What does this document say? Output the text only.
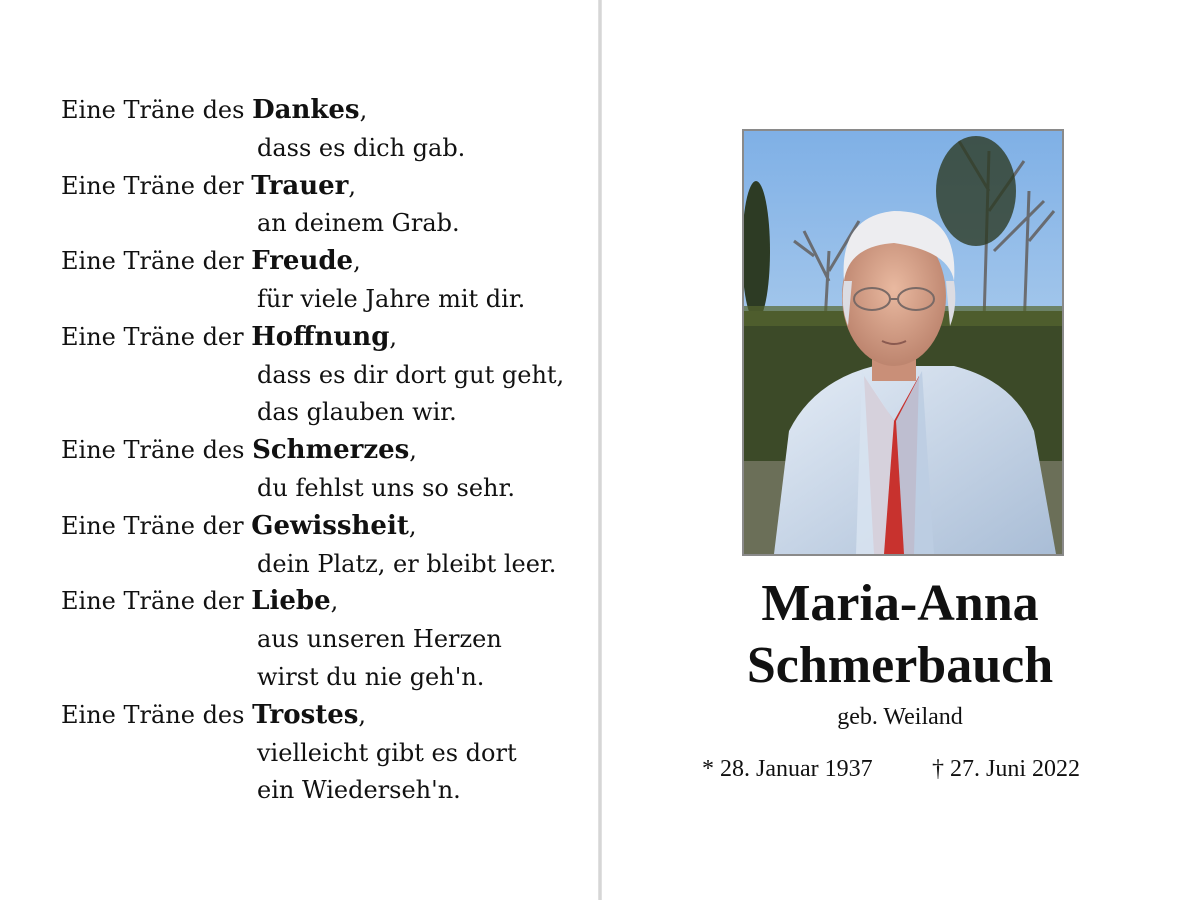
Eine Träne des Dankes,
dass es dich gab.
Eine Träne der Trauer,
an deinem Grab.
Eine Träne der Freude,
für viele Jahre mit dir.
Eine Träne der Hoffnung,
dass es dir dort gut geht,
das glauben wir.
Eine Träne des Schmerzes,
du fehlst uns so sehr.
Eine Träne der Gewissheit,
dein Platz, er bleibt leer.
Eine Träne der Liebe,
aus unseren Herzen
wirst du nie geh'n.
Eine Träne des Trostes,
vielleicht gibt es dort
ein Wiederseh'n.
Maria-Anna
Schmerbauch
geb. Weiland
* 28. Januar 1937 † 27. Juni 2022
